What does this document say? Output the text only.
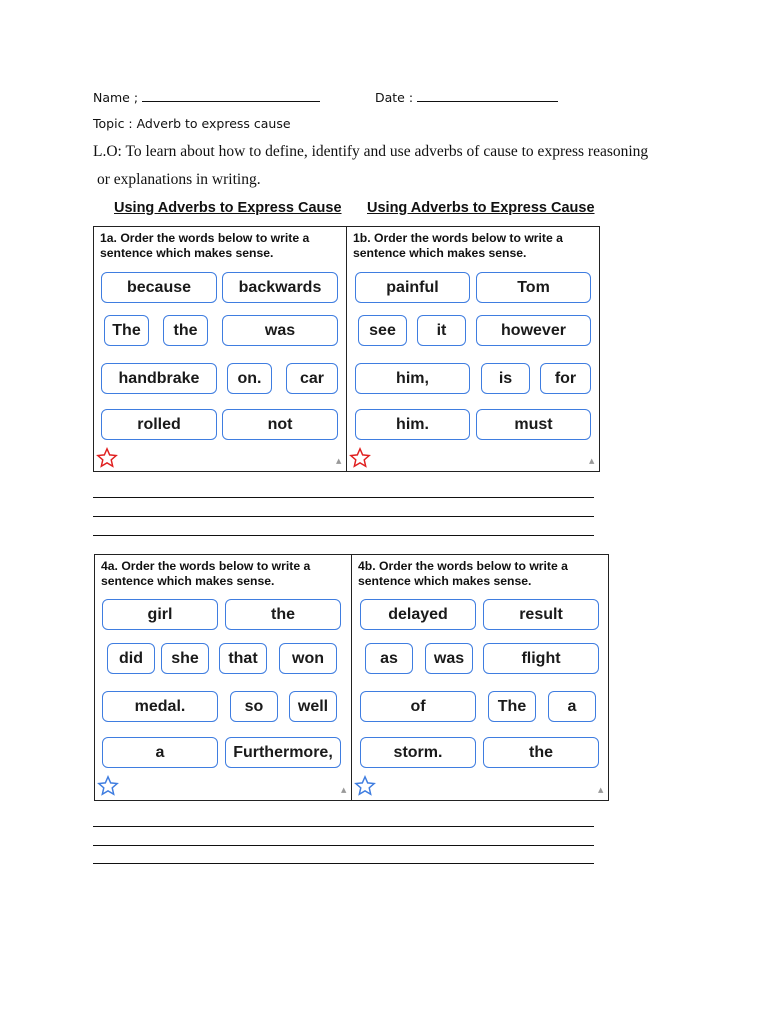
Name ;	Date :
Topic : Adverb to express cause
L.O: To learn about how to define, identify and use adverbs of cause to express reasoning
or explanations in writing.
Using Adverbs to Express Cause Using Adverbs to Express Cause
1a. Order the words below to write a sentence which makes sense.
because	backwards
The	the	was
handbrake	on.	car
rolled	not
▲
1b. Order the words below to write a sentence which makes sense.
painful	Tom
see	it	however
him,	is	for
him.	must
▲
4a. Order the words below to write a sentence which makes sense.
girl	the
did	she	that	won
medal.	so	well
a	Furthermore,
▲
4b. Order the words below to write a sentence which makes sense.
delayed	result
as	was	flight
of	The	a
storm.	the
▲
